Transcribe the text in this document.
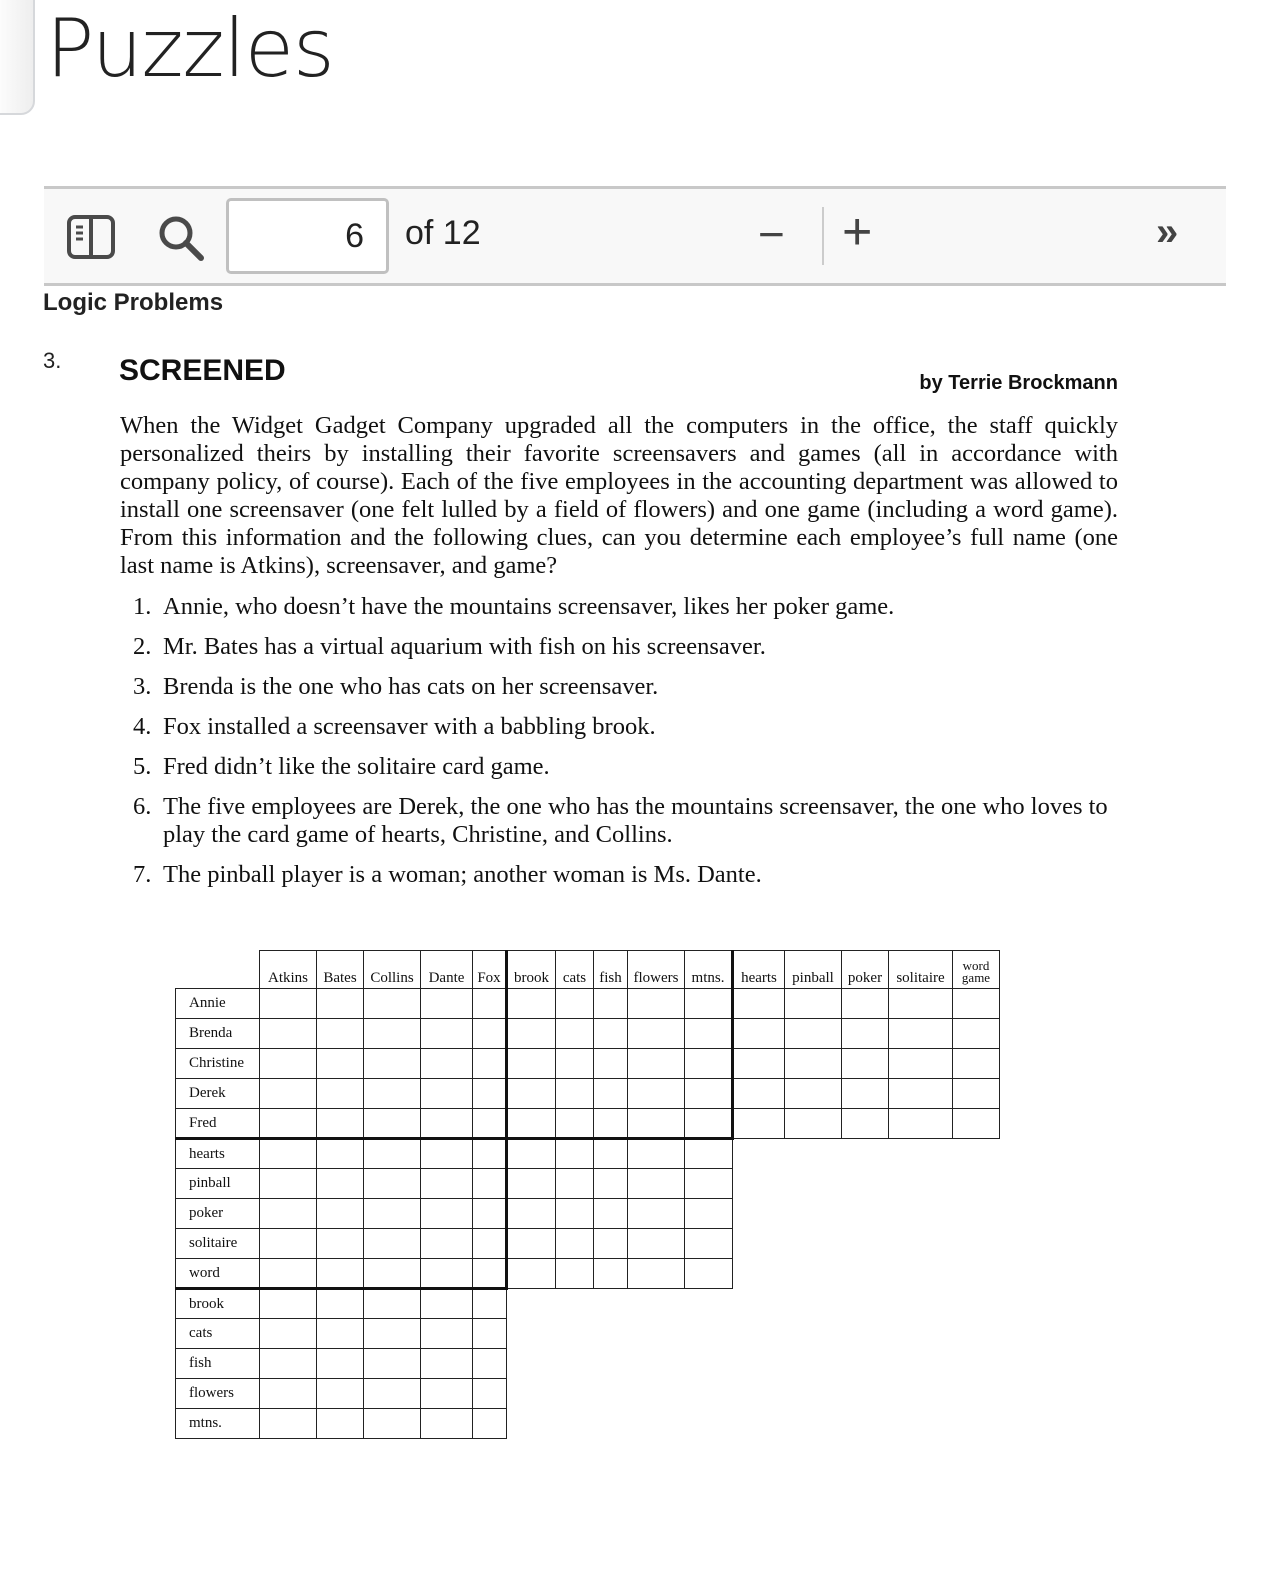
Puzzles
6	of 12	− +	»
Logic Problems
3. SCREENED	by Terrie Brockmann
When the Widget Gadget Company upgraded all the computers in the office, the staff quickly personalized theirs by installing their favorite screensavers and games (all in accordance with company policy, of course). Each of the five employees in the accounting department was allowed to install one screensaver (one felt lulled by a field of flowers) and one game (including a word game). From this information and the following clues, can you determine each employee’s full name (one last name is Atkins), screensaver, and game?
1. Annie, who doesn’t have the mountains screensaver, likes her poker game.
2. Mr. Bates has a virtual aquarium with fish on his screensaver.
3. Brenda is the one who has cats on her screensaver.
4. Fox installed a screensaver with a babbling brook.
5. Fred didn’t like the solitaire card game.
6. The five employees are Derek, the one who has the mountains screensaver, the one who loves to play the card game of hearts, Christine, and Collins.
7. The pinball player is a woman; another woman is Ms. Dante.
	Atkins	Bates	Collins	Dante	Fox	brook	cats	fish	flowers	mtns.	hearts	pinball	poker	solitaire	word game
Annie															
Brenda															
Christine															
Derek															
Fred															
hearts															
pinball															
poker															
solitaire															
word															
brook															
cats															
fish															
flowers															
mtns.															
